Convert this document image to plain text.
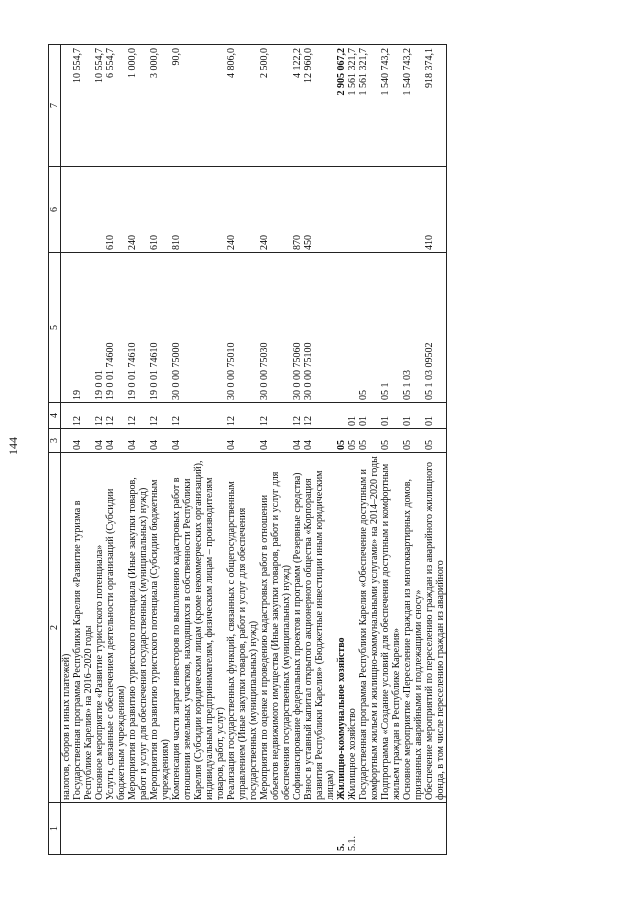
144
1	2	3	4	5	6	7
	налогов, сборов и иных платежей)					
	Государственная программа Республики Карелия «Развитие туризма в Республике Карелия» на 2016–2020 годы	04	12	19		10 554,7
	Основное мероприятие «Развитие туристского потенциала»	04	12	19 0 01		10 554,7
	Услуги, связанные с обеспечением деятельности организаций (Субсидии бюджетным учреждениям)	04	12	19 0 01 74600	610	6 554,7
	Мероприятия по развитию туристского потенциала (Иные закупки товаров, работ и услуг для обеспечения государственных (муниципальных) нужд)	04	12	19 0 01 74610	240	1 000,0
	Мероприятия по развитию туристского потенциала (Субсидии бюджетным учреждениям)	04	12	19 0 01 74610	610	3 000,0
	Компенсация части затрат инвесторов по выполнению кадастровых работ в отношении земельных участков, находящихся в собственности Республики Карелия (Субсидии юридическим лицам (кроме некоммерческих организаций), индивидуальным предпринимателям, физическим лицам – производителям товаров, работ, услуг)	04	12	30 0 00 75000	810	90,0
	Реализация государственных функций, связанных с общегосударственным управлением (Иные закупки товаров, работ и услуг для обеспечения государственных (муниципальных) нужд)	04	12	30 0 00 75010	240	4 806,0
	Мероприятия по оценке и проведению кадастровых работ в отношении объектов недвижимого имущества (Иные закупки товаров, работ и услуг для обеспечения государственных (муниципальных) нужд)	04	12	30 0 00 75030	240	2 500,0
	Софинансирование федеральных проектов и программ (Резервные средства)	04	12	30 0 00 75060	870	4 122,2
	Взнос в уставный капитал открытого акционерного общества «Корпорация развития Республики Карелия» (Бюджетные инвестиции иным юридическим лицам)	04	12	30 0 00 75100	450	12 960,0
5.	Жилищно-коммунальное хозяйство	05				2 905 067,2
5.1.	Жилищное хозяйство	05	01			1 561 321,7
	Государственная программа Республики Карелия «Обеспечение доступным и комфортным жильем и жилищно-коммунальными услугами» на 2014–2020 годы	05	01	05		1 561 321,7
	Подпрограмма «Создание условий для обеспечения доступным и комфортным жильем граждан в Республике Карелия»	05	01	05 1		1 540 743,2
	Основное мероприятие «Переселение граждан из многоквартирных домов, признанных аварийными и подлежащими сносу»	05	01	05 1 03		1 540 743,2
	Обеспечение мероприятий по переселению граждан из аварийного жилищного фонда, в том числе переселению граждан из аварийного	05	01	05 1 03 09502	410	918 374,1
